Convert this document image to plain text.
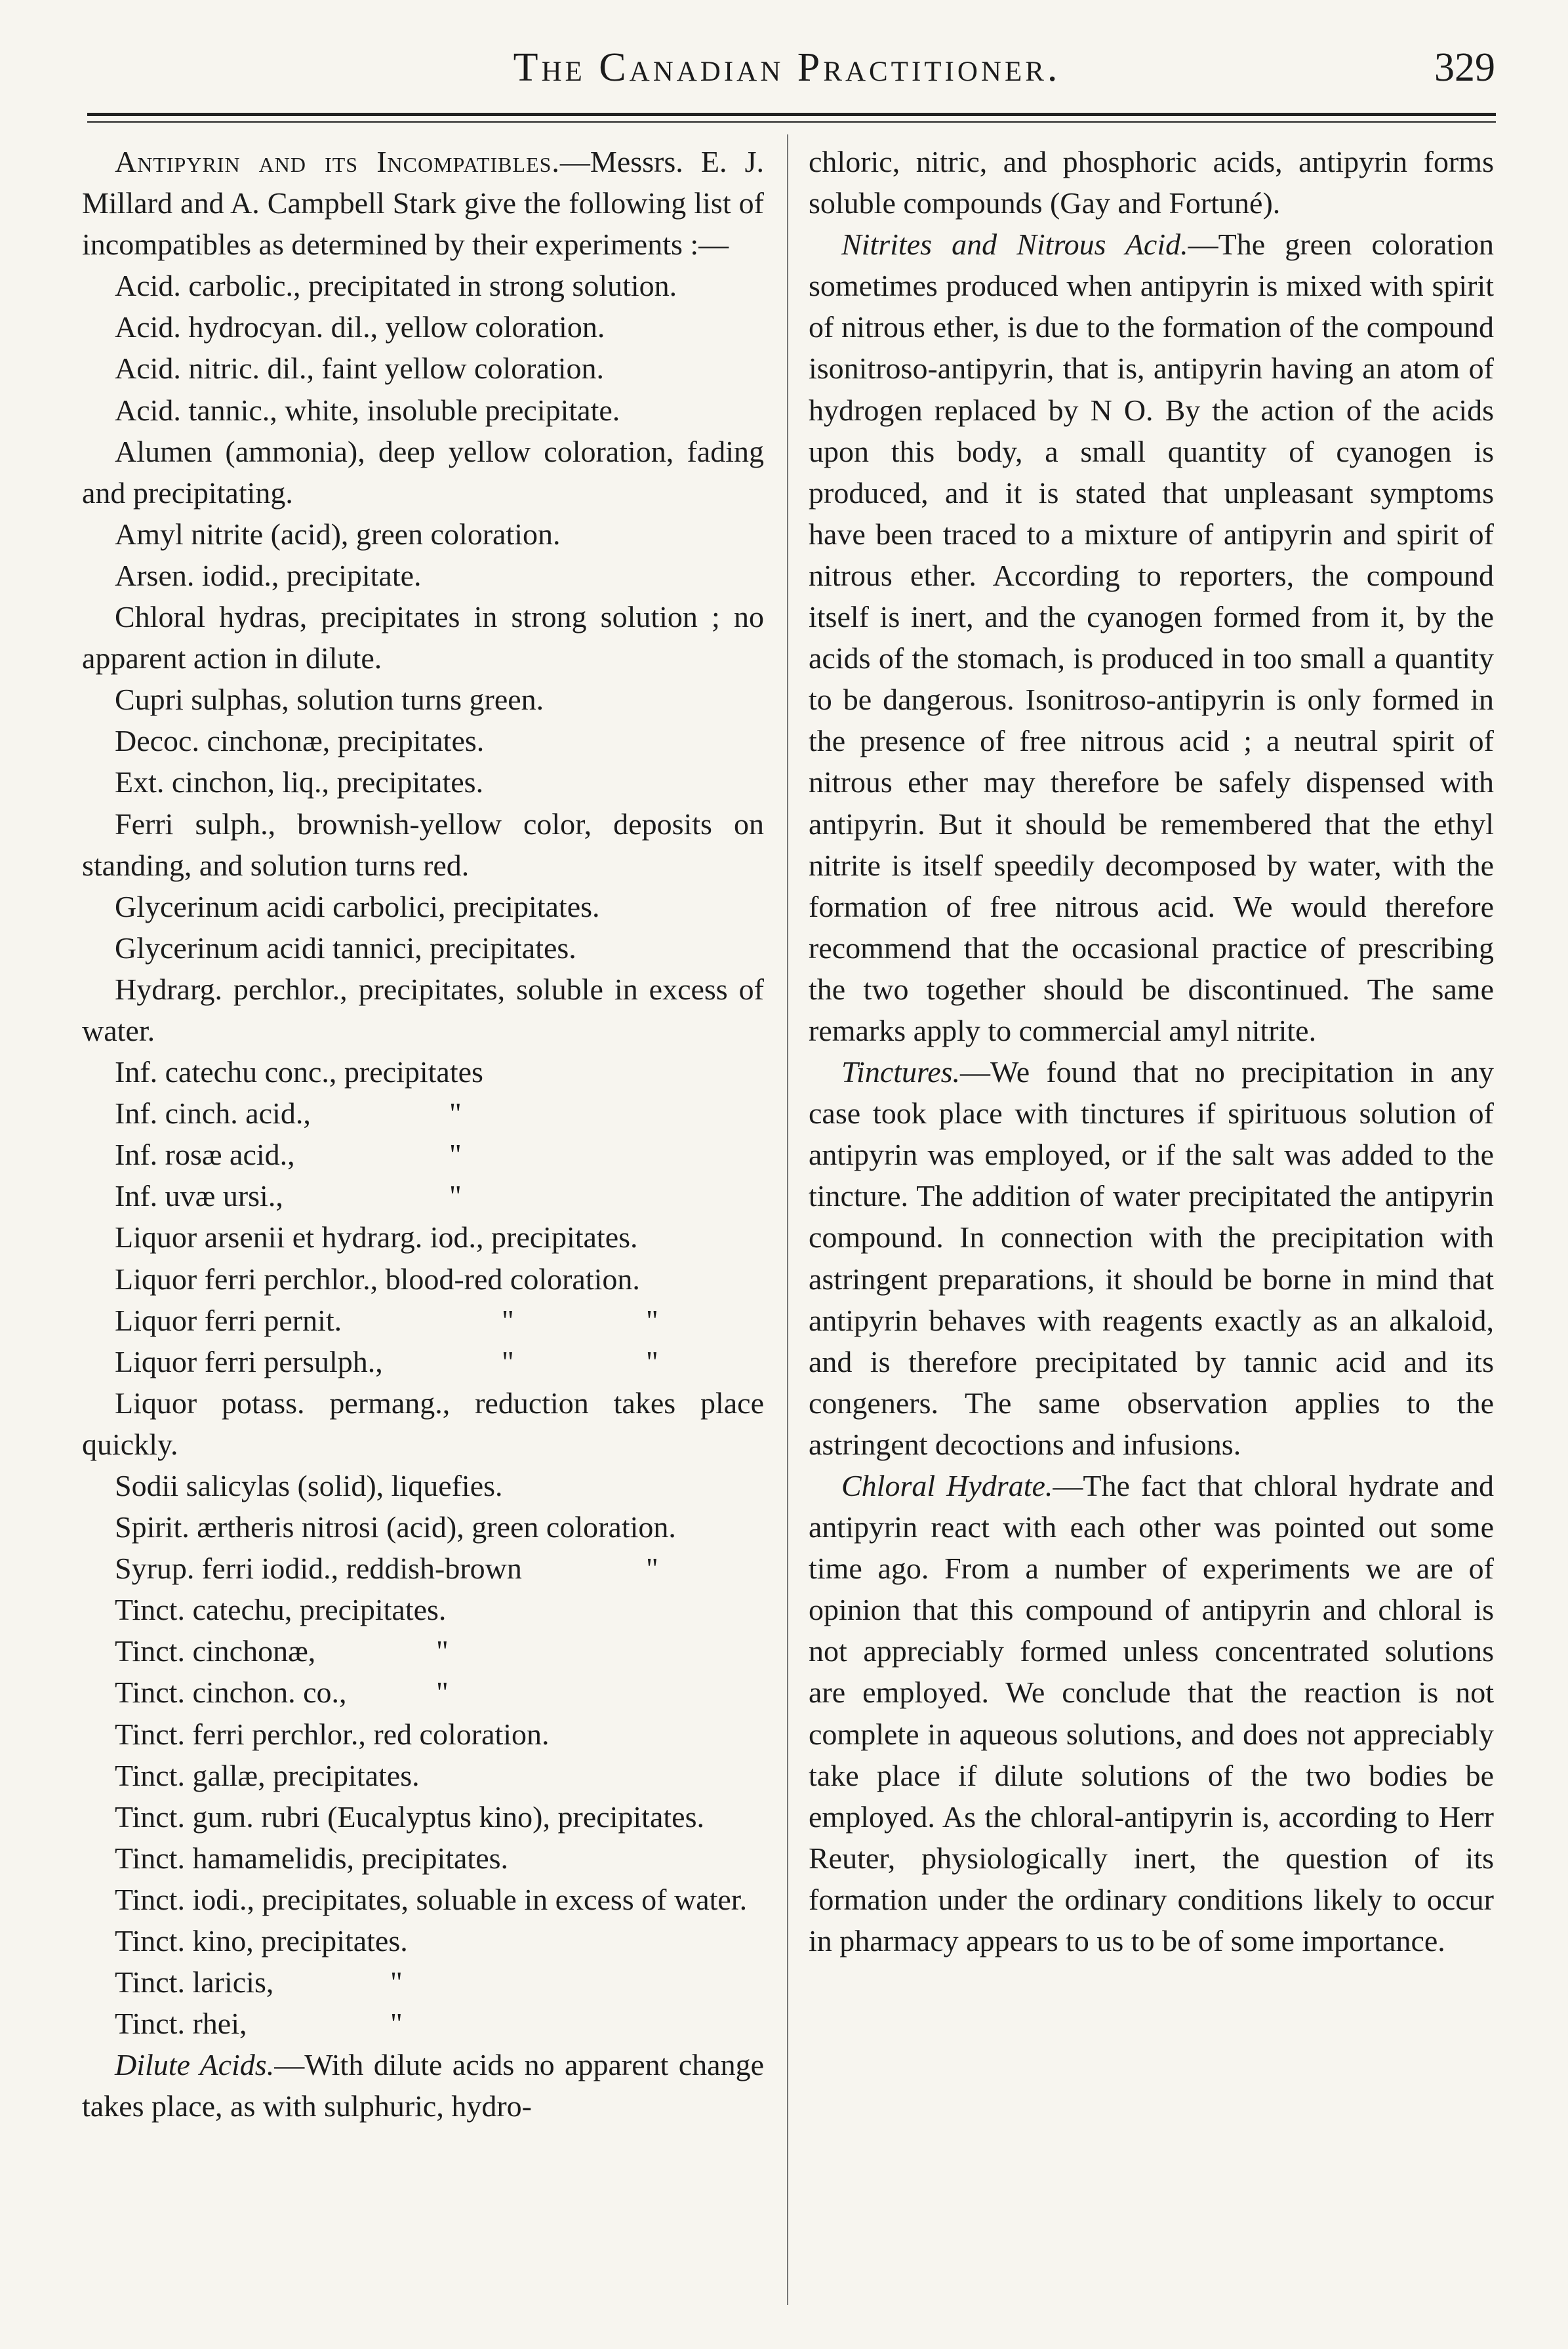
The Canadian Practitioner.	329

Antipyrin and its Incompatibles.—Messrs. E. J. Millard and A. Campbell Stark give the following list of incompatibles as determined by their experiments :—

Acid. carbolic., precipitated in strong solution.
Acid. hydrocyan. dil., yellow coloration.
Acid. nitric. dil., faint yellow coloration.
Acid. tannic., white, insoluble precipitate.

Alumen (ammonia), deep yellow coloration, fading and precipitating.

Amyl nitrite (acid), green coloration.
Arsen. iodid., precipitate.

Chloral hydras, precipitates in strong solution ; no apparent action in dilute.

Cupri sulphas, solution turns green.
Decoc. cinchonæ, precipitates.
Ext. cinchon, liq., precipitates.

Ferri sulph., brownish-yellow color, deposits on standing, and solution turns red.

Glycerinum acidi carbolici, precipitates.
Glycerinum acidi tannici, precipitates.

Hydrarg. perchlor., precipitates, soluble in excess of water.

Inf. catechu conc., precipitates
Inf. cinch. acid.,	"
Inf. rosæ acid.,	"
Inf. uvæ ursi.,	"
Liquor arsenii et hydrarg. iod., precipitates.
Liquor ferri perchlor., blood-red coloration.
Liquor ferri pernit.	"	"
Liquor ferri persulph.,	"	"

Liquor potass. permang., reduction takes place quickly.

Sodii salicylas (solid), liquefies.
Spirit. ærtheris nitrosi (acid), green coloration.
Syrup. ferri iodid., reddish-brown	"
Tinct. catechu, precipitates.
Tinct. cinchonæ,	"
Tinct. cinchon. co.,	"
Tinct. ferri perchlor., red coloration.
Tinct. gallæ, precipitates.

Tinct. gum. rubri (Eucalyptus kino), precipitates.

Tinct. hamamelidis, precipitates.

Tinct. iodi., precipitates, soluable in excess of water.

Tinct. kino, precipitates.
Tinct. laricis,	"
Tinct. rhei,	"

Dilute Acids.—With dilute acids no apparent change takes place, as with sulphuric, hydro-

chloric, nitric, and phosphoric acids, antipyrin forms soluble compounds (Gay and Fortuné).

Nitrites and Nitrous Acid.—The green coloration sometimes produced when antipyrin is mixed with spirit of nitrous ether, is due to the formation of the compound isonitroso-antipyrin, that is, antipyrin having an atom of hydrogen replaced by N O. By the action of the acids upon this body, a small quantity of cyanogen is produced, and it is stated that unpleasant symptoms have been traced to a mixture of antipyrin and spirit of nitrous ether. According to reporters, the compound itself is inert, and the cyanogen formed from it, by the acids of the stomach, is produced in too small a quantity to be dangerous. Isonitroso-antipyrin is only formed in the presence of free nitrous acid ; a neutral spirit of nitrous ether may therefore be safely dispensed with antipyrin. But it should be remembered that the ethyl nitrite is itself speedily decomposed by water, with the formation of free nitrous acid. We would therefore recommend that the occasional practice of prescribing the two together should be discontinued. The same remarks apply to commercial amyl nitrite.

Tinctures.—We found that no precipitation in any case took place with tinctures if spirituous solution of antipyrin was employed, or if the salt was added to the tincture. The addition of water precipitated the antipyrin compound. In connection with the precipitation with astringent preparations, it should be borne in mind that antipyrin behaves with reagents exactly as an alkaloid, and is therefore precipitated by tannic acid and its congeners. The same observation applies to the astringent decoctions and infusions.

Chloral Hydrate.—The fact that chloral hydrate and antipyrin react with each other was pointed out some time ago. From a number of experiments we are of opinion that this compound of antipyrin and chloral is not appreciably formed unless concentrated solutions are employed. We conclude that the reaction is not complete in aqueous solutions, and does not appreciably take place if dilute solutions of the two bodies be employed. As the chloral-antipyrin is, according to Herr Reuter, physiologically inert, the question of its formation under the ordinary conditions likely to occur in pharmacy appears to us to be of some importance.
